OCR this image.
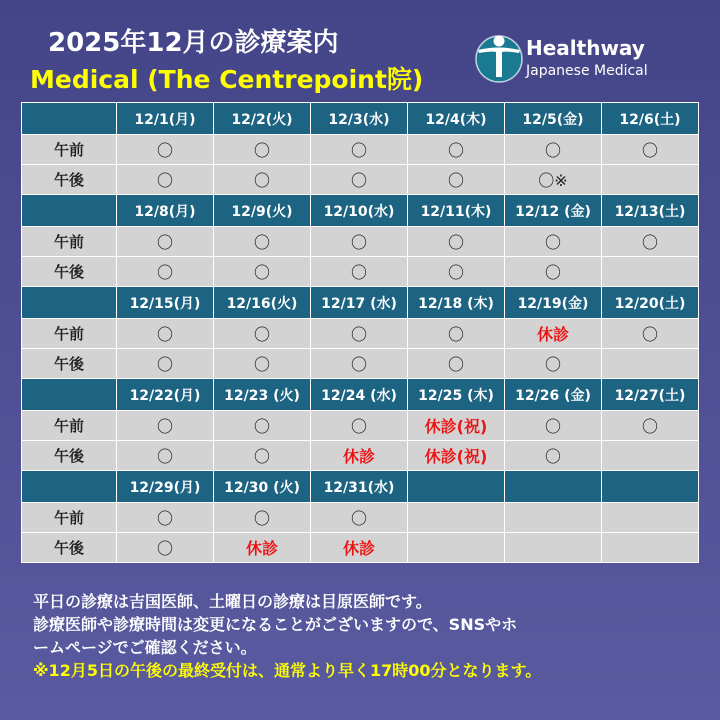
2025年12月の診療案内
Medical (The Centrepoint院)
Healthway
Japanese Medical
	12/1(月)	12/2(火)	12/3(水)	12/4(木)	12/5(金)	12/6(土)
午前	〇	〇	〇	〇	〇	〇
午後	〇	〇	〇	〇	〇※	
	12/8(月)	12/9(火)	12/10(水)	12/11(木)	12/12 (金)	12/13(土)
午前	〇	〇	〇	〇	〇	〇
午後	〇	〇	〇	〇	〇	
	12/15(月)	12/16(火)	12/17 (水)	12/18 (木)	12/19(金)	12/20(土)
午前	〇	〇	〇	〇	休診	〇
午後	〇	〇	〇	〇	〇	
	12/22(月)	12/23 (火)	12/24 (水)	12/25 (木)	12/26 (金)	12/27(土)
午前	〇	〇	〇	休診(祝)	〇	〇
午後	〇	〇	休診	休診(祝)	〇	
	12/29(月)	12/30 (火)	12/31(水)			
午前	〇	〇	〇			
午後	〇	休診	休診			
平日の診療は吉国医師、土曜日の診療は目原医師です。
診療医師や診療時間は変更になることがございますので、SNSやホ
ームページでご確認ください。
※12月5日の午後の最終受付は、通常より早く17時00分となります。
